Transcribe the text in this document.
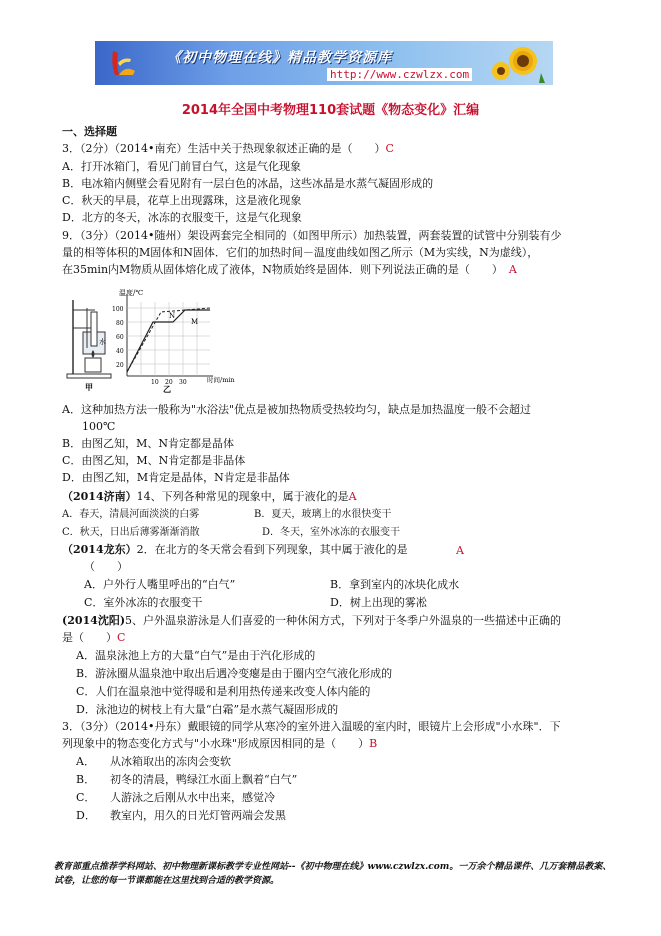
《初中物理在线》精品教学资源库
http://www.czwlzx.com
2014年全国中考物理110套试题《物态变化》汇编
一、选择题
3．（2分）（2014•南充）生活中关于热现象叙述正确的是（　　）C
A．打开冰箱门，看见门前冒白气，这是气化现象
B．电冰箱内侧壁会看见附有一层白色的冰晶，这些冰晶是水蒸气凝固形成的
C．秋天的早晨，花草上出现露珠，这是液化现象
D．北方的冬天，冰冻的衣服变干，这是气化现象
9．（3分）（2014•随州）架设两套完全相同的（如图甲所示）加热装置，两套装置的试管中分别装有少
量的相等体积的M固体和N固体．它们的加热时间－温度曲线如图乙所示（M为实线，N为虚线），
在35min内M物质从固体熔化成了液体，N物质始终是固体．则下列说法正确的是（　　） A
水
甲
温度/℃
100
80
60
40
20
10 20 30	时间/min
N
M
乙
A．这种加热方法一般称为"水浴法"优点是被加热物质受热较均匀，缺点是加热温度一般不会超过
100℃
B．由图乙知，M、N肯定都是晶体
C．由图乙知，M、N肯定都是非晶体
D．由图乙知，M肯定是晶体，N肯定是非晶体
（2014济南）14、下列各种常见的现象中，属于液化的是A
A．春天，清晨河面淡淡的白雾	B．夏天，玻璃上的水很快变干
C．秋天，日出后薄雾渐渐消散	D．冬天，室外冰冻的衣服变干
（2014龙东）2．在北方的冬天常会看到下列现象，其中属于液化的是	A
（　　）
A．户外行人嘴里呼出的“白气”	B．拿到室内的冰块化成水
C．室外冰冻的衣服变干	D．树上出现的雾凇
(2014沈阳)5、户外温泉游泳是人们喜爱的一种休闲方式，下列对于冬季户外温泉的一些描述中正确的
是（　　）C
A．温泉泳池上方的大量“白气”是由于汽化形成的
B．游泳圈从温泉池中取出后遇冷变瘪是由于圈内空气液化形成的
C．人们在温泉池中觉得暖和是利用热传递来改变人体内能的
D．泳池边的树枝上有大量“白霜”是水蒸气凝固形成的
3．（3分）（2014•丹东）戴眼镜的同学从寒冷的室外进入温暖的室内时，眼镜片上会形成"小水珠"．下
列现象中的物态变化方式与"小水珠"形成原因相同的是（　　）B
A． 从冰箱取出的冻肉会变软
B． 初冬的清晨，鸭绿江水面上飘着“白气”
C． 人游泳之后刚从水中出来，感觉冷
D． 教室内，用久的日光灯管两端会发黑
教育部重点推荐学科网站、初中物理新课标教学专业性网站--《初中物理在线》www.czwlzx.com。一万余个精品课件、几万套精品教案、试卷，让您的每一节课都能在这里找到合适的教学资源。
